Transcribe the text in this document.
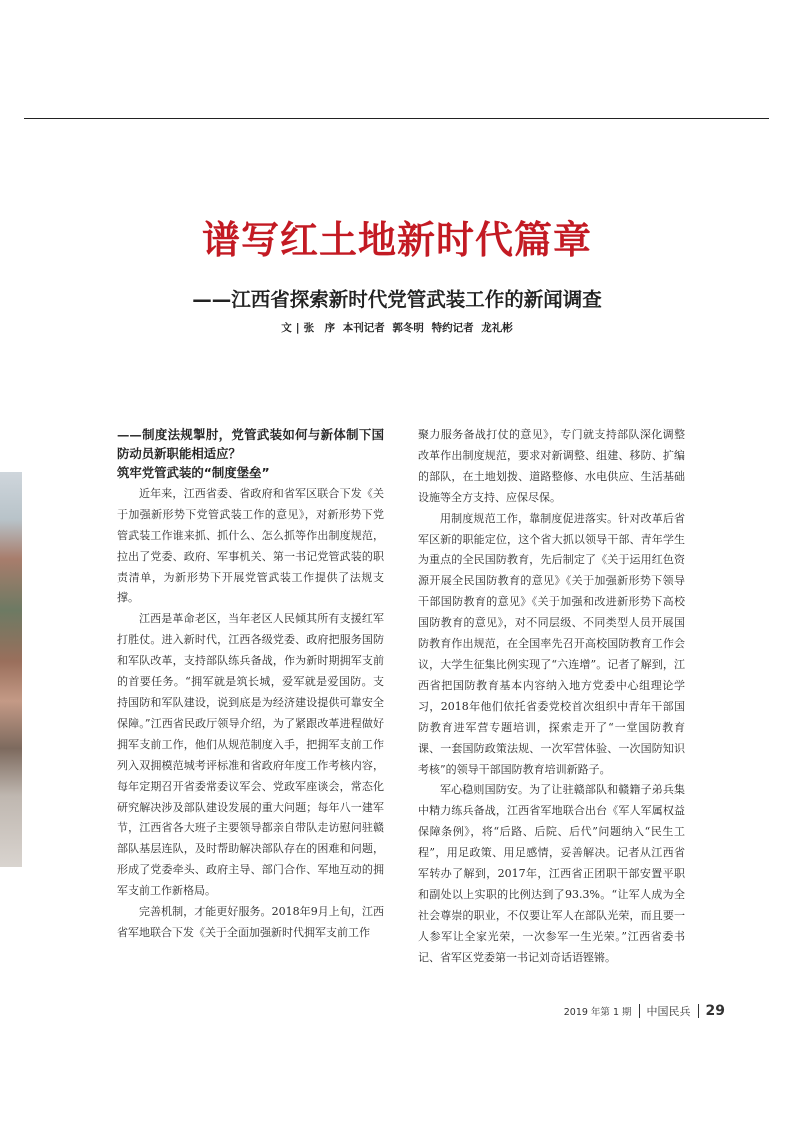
谱写红土地新时代篇章
——江西省探索新时代党管武装工作的新闻调查
文 | 张　序 本刊记者 郭冬明 特约记者 龙礼彬

——制度法规掣肘，党管武装如何与新体制下国防动员新职能相适应？

筑牢党管武装的“制度堡垒”

近年来，江西省委、省政府和省军区联合下发《关于加强新形势下党管武装工作的意见》，对新形势下党管武装工作谁来抓、抓什么、怎么抓等作出制度规范，拉出了党委、政府、军事机关、第一书记党管武装的职责清单，为新形势下开展党管武装工作提供了法规支撑。

江西是革命老区，当年老区人民倾其所有支援红军打胜仗。进入新时代，江西各级党委、政府把服务国防和军队改革，支持部队练兵备战，作为新时期拥军支前的首要任务。“拥军就是筑长城，爱军就是爱国防。支持国防和军队建设，说到底是为经济建设提供可靠安全保障。”江西省民政厅领导介绍，为了紧跟改革进程做好拥军支前工作，他们从规范制度入手，把拥军支前工作列入双拥模范城考评标准和省政府年度工作考核内容，每年定期召开省委常委议军会、党政军座谈会，常态化研究解决涉及部队建设发展的重大问题；每年八一建军节，江西省各大班子主要领导都亲自带队走访慰问驻赣部队基层连队，及时帮助解决部队存在的困难和问题，形成了党委牵头、政府主导、部门合作、军地互动的拥军支前工作新格局。

完善机制，才能更好服务。2018年9月上旬，江西省军地联合下发《关于全面加强新时代拥军支前工作

聚力服务备战打仗的意见》，专门就支持部队深化调整改革作出制度规范，要求对新调整、组建、移防、扩编的部队，在土地划拨、道路整修、水电供应、生活基础设施等全方支持、应保尽保。

用制度规范工作，靠制度促进落实。针对改革后省军区新的职能定位，这个省大抓以领导干部、青年学生为重点的全民国防教育，先后制定了《关于运用红色资源开展全民国防教育的意见》《关于加强新形势下领导干部国防教育的意见》《关于加强和改进新形势下高校国防教育的意见》，对不同层级、不同类型人员开展国防教育作出规范，在全国率先召开高校国防教育工作会议，大学生征集比例实现了“六连增”。记者了解到，江西省把国防教育基本内容纳入地方党委中心组理论学习，2018年他们依托省委党校首次组织中青年干部国防教育进军营专题培训，探索走开了“一堂国防教育课、一套国防政策法规、一次军营体验、一次国防知识考核”的领导干部国防教育培训新路子。

军心稳则国防安。为了让驻赣部队和赣籍子弟兵集中精力练兵备战，江西省军地联合出台《军人军属权益保障条例》，将“后路、后院、后代”问题纳入“民生工程”，用足政策、用足感情，妥善解决。记者从江西省军转办了解到，2017年，江西省正团职干部安置平职和副处以上实职的比例达到了93.3%。“让军人成为全社会尊崇的职业，不仅要让军人在部队光荣，而且要一人参军让全家光荣，一次参军一生光荣。”江西省委书记、省军区党委第一书记刘奇话语铿锵。

2019 年第 1 期 中国民兵 29
